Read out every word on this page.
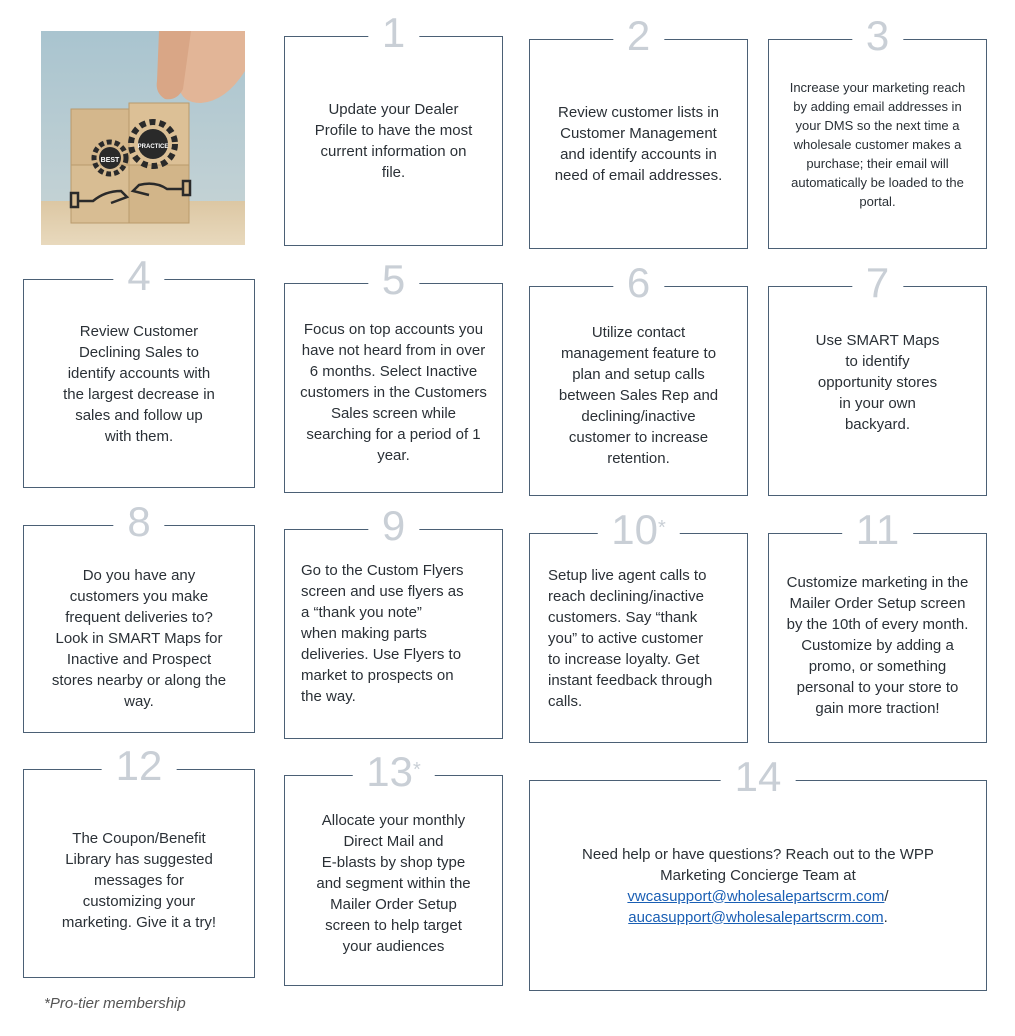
BEST
PRACTICE
1
Update your Dealer
Profile to have the most
current information on
file.
2
Review customer lists in
Customer Management
and identify accounts in
need of email addresses.
3
Increase your marketing reach
by adding email addresses in
your DMS so the next time a
wholesale customer makes a
purchase; their email will
automatically be loaded to the
portal.
4
Review Customer
Declining Sales to
identify accounts with
the largest decrease in
sales and follow up
with them.
5
Focus on top accounts you
have not heard from in over
6 months. Select Inactive
customers in the Customers
Sales screen while
searching for a period of 1
year.
6
Utilize contact
management feature to
plan and setup calls
between Sales Rep and
declining/inactive
customer to increase
retention.
7
Use SMART Maps
to identify
opportunity stores
in your own
backyard.
8
Do you have any
customers you make
frequent deliveries to?
Look in SMART Maps for
Inactive and Prospect
stores nearby or along the
way.
9
Go to the Custom Flyers
screen and use flyers as
a “thank you note”
when making parts
deliveries. Use Flyers to
market to prospects on
the way.
10*
Setup live agent calls to
reach declining/inactive
customers. Say “thank
you” to active customer
to increase loyalty. Get
instant feedback through
calls.
11
Customize marketing in the
Mailer Order Setup screen
by the 10th of every month.
Customize by adding a
promo, or something
personal to your store to
gain more traction!
12
The Coupon/Benefit
Library has suggested
messages for
customizing your
marketing. Give it a try!
13*
Allocate your monthly
Direct Mail and
E-blasts by shop type
and segment within the
Mailer Order Setup
screen to help target
your audiences
14
Need help or have questions? Reach out to the WPP
Marketing Concierge Team at
vwcasupport@wholesalepartscrm.com/
aucasupport@wholesalepartscrm.com.
*Pro-tier membership
